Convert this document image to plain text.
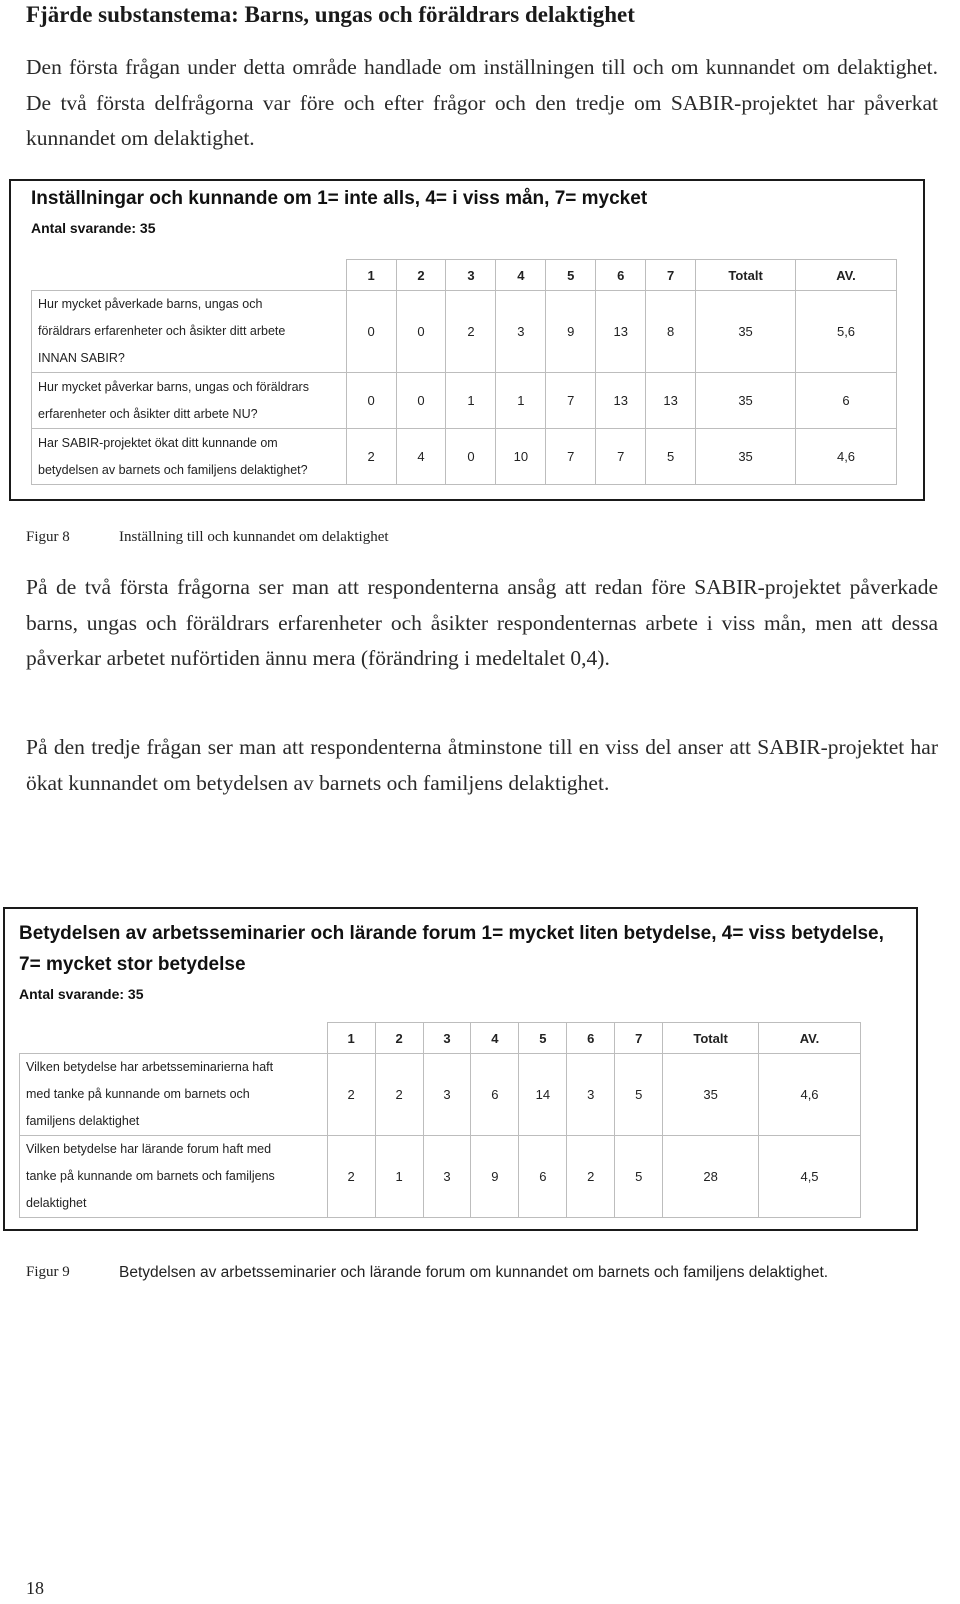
Fjärde substanstema: Barns, ungas och föräldrars delaktighet

Den första frågan under detta område handlade om inställningen till och om kunnandet om delaktighet. De två första delfrågorna var före och efter frågor och den tredje om SABIR-projektet har påverkat kunnandet om delaktighet.

Inställningar och kunnande om 1= inte alls, 4= i viss mån, 7= mycket
Antal svarande: 35
	1	2	3	4	5	6	7	Totalt	AV.

Hur mycket påverkade barns, ungas och
föräldrars erfarenheter och åsikter ditt arbete
INNAN SABIR?	0	0	2	3	9	13	8	35	5,6

Hur mycket påverkar barns, ungas och föräldrars
erfarenheter och åsikter ditt arbete NU?	0	0	1	1	7	13	13	35	6

Har SABIR-projektet ökat ditt kunnande om
betydelsen av barnets och familjens delaktighet?	2	4	0	10	7	7	5	35	4,6
Figur 8	Inställning till och kunnandet om delaktighet

På de två första frågorna ser man att respondenterna ansåg att redan före SABIR-projektet påverkade barns, ungas och föräldrars erfarenheter och åsikter respondenternas arbete i viss mån, men att dessa påverkar arbetet nuförtiden ännu mera (förändring i medeltalet 0,4).

På den tredje frågan ser man att respondenterna åtminstone till en viss del anser att SABIR-projektet har ökat kunnandet om betydelsen av barnets och familjens delaktighet.

Betydelsen av arbetsseminarier och lärande forum 1= mycket liten betydelse, 4= viss betydelse,
7= mycket stor betydelse
Antal svarande: 35
	1	2	3	4	5	6	7	Totalt	AV.

Vilken betydelse har arbetsseminarierna haft
med tanke på kunnande om barnets och
familjens delaktighet	2	2	3	6	14	3	5	35	4,6

Vilken betydelse har lärande forum haft med
tanke på kunnande om barnets och familjens
delaktighet	2	1	3	9	6	2	5	28	4,5
Figur 9	Betydelsen av arbetsseminarier och lärande forum om kunnandet om barnets och familjens delaktighet.
18
